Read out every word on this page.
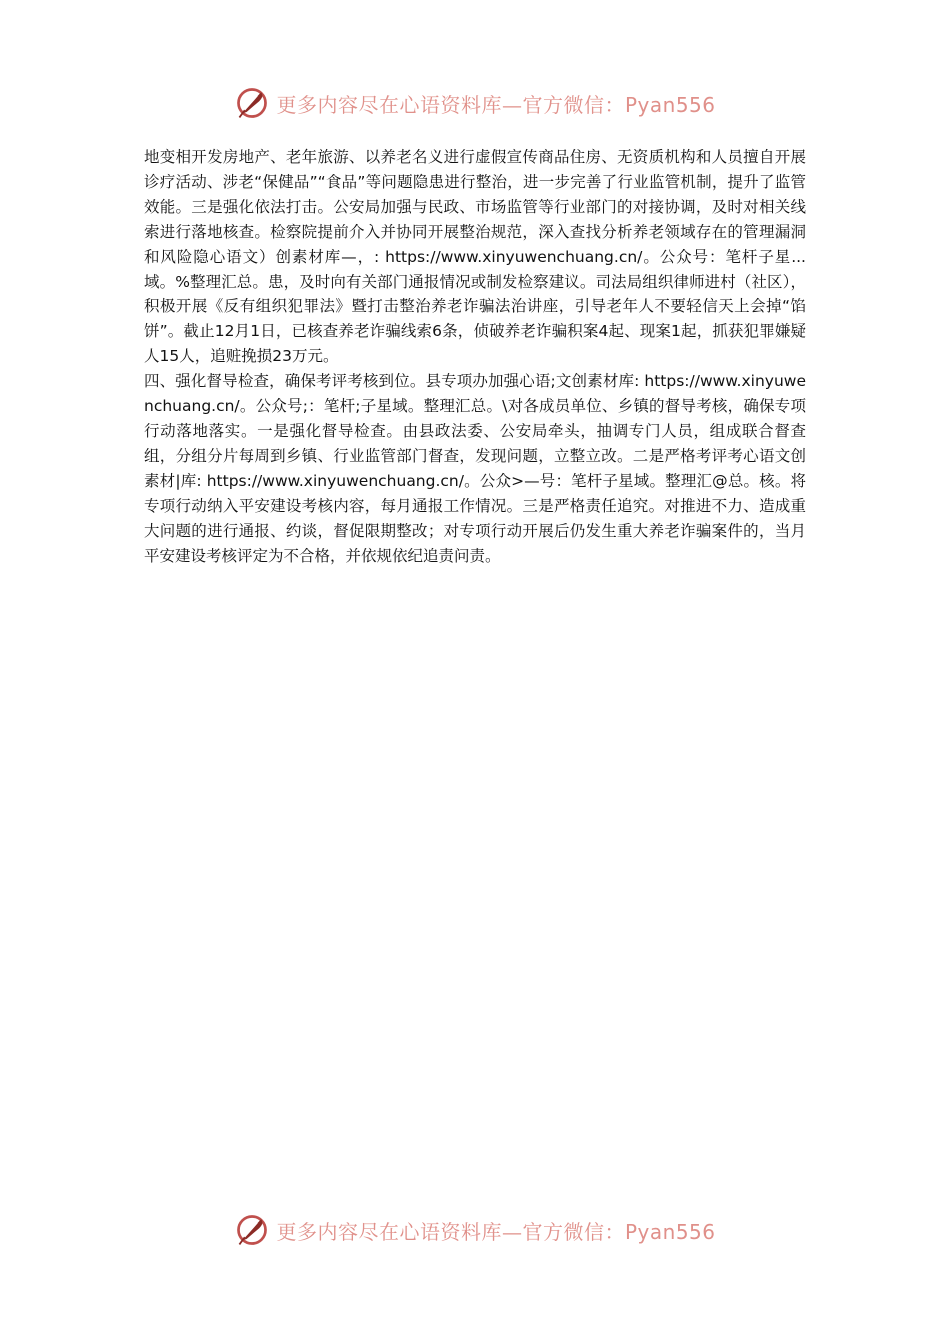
更多内容尽在心语资料库—官方微信：Pyan556

地变相开发房地产、老年旅游、以养老名义进行虚假宣传商品住房、无资质机构和人员擅自开展诊疗活动、涉老“保健品”“食品”等问题隐患进行整治，进一步完善了行业监管机制，提升了监管效能。三是强化依法打击。公安局加强与民政、市场监管等行业部门的对接协调，及时对相关线索进行落地核查。检察院提前介入并协同开展整治规范，深入查找分析养老领域存在的管理漏洞和风险隐心语文）创素材库—，: https://www.xinyuwenchuang.cn/。公众号：笔杆子星...域。%整理汇总。患，及时向有关部门通报情况或制发检察建议。司法局组织律师进村（社区），积极开展《反有组织犯罪法》暨打击整治养老诈骗法治讲座，引导老年人不要轻信天上会掉“馅饼”。截止12月1日，已核查养老诈骗线索6条，侦破养老诈骗积案4起、现案1起，抓获犯罪嫌疑人15人，追赃挽损23万元。

四、强化督导检查，确保考评考核到位。县专项办加强心语;文创素材库: https://www.xinyuwenchuang.cn/。公众号;：笔杆;子星域。整理汇总。\对各成员单位、乡镇的督导考核，确保专项行动落地落实。一是强化督导检查。由县政法委、公安局牵头，抽调专门人员，组成联合督查组，分组分片每周到乡镇、行业监管部门督查，发现问题，立整立改。二是严格考评考心语文创素材|库: https://www.xinyuwenchuang.cn/。公众>—号：笔杆子星域。整理汇@总。核。将专项行动纳入平安建设考核内容，每月通报工作情况。三是严格责任追究。对推进不力、造成重大问题的进行通报、约谈，督促限期整改；对专项行动开展后仍发生重大养老诈骗案件的，当月平安建设考核评定为不合格，并依规依纪追责问责。

更多内容尽在心语资料库—官方微信：Pyan556
